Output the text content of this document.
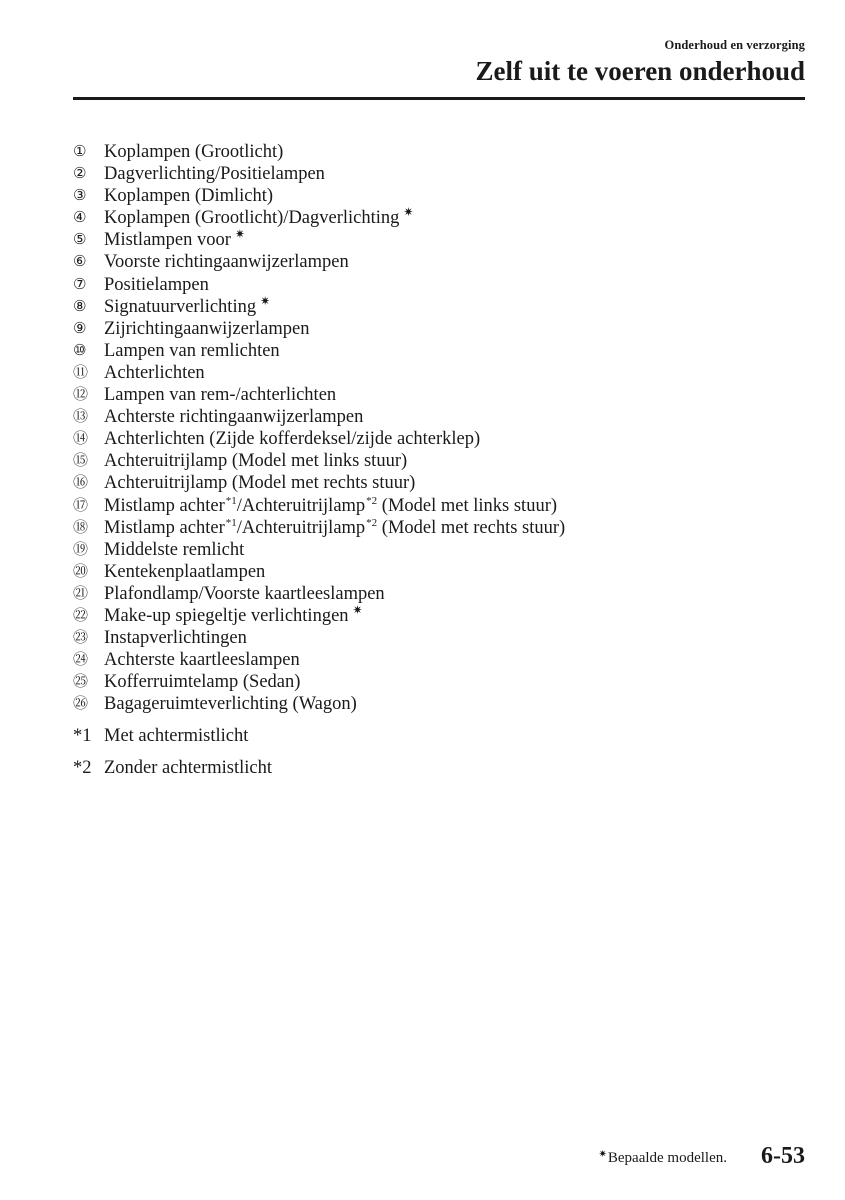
Onderhoud en verzorging
Zelf uit te voeren onderhoud
① Koplampen (Grootlicht)
② Dagverlichting/Positielampen
③ Koplampen (Dimlicht)
④ Koplampen (Grootlicht)/Dagverlichting ✷
⑤ Mistlampen voor ✷
⑥ Voorste richtingaanwijzerlampen
⑦ Positielampen
⑧ Signatuurverlichting ✷
⑨ Zijrichtingaanwijzerlampen
⑩ Lampen van remlichten
⑪ Achterlichten
⑫ Lampen van rem-/achterlichten
⑬ Achterste richtingaanwijzerlampen
⑭ Achterlichten (Zijde kofferdeksel/zijde achterklep)
⑮ Achteruitrijlamp (Model met links stuur)
⑯ Achteruitrijlamp (Model met rechts stuur)
⑰ Mistlamp achter$^{*1}$/Achteruitrijlamp$^{*2}$ (Model met links stuur)
⑱ Mistlamp achter$^{*1}$/Achteruitrijlamp$^{*2}$ (Model met rechts stuur)
⑲ Middelste remlicht
⑳ Kentekenplaatlampen
㉑ Plafondlamp/Voorste kaartleeslampen
㉒ Make-up spiegeltje verlichtingen ✷
㉓ Instapverlichtingen
㉔ Achterste kaartleeslampen
㉕ Kofferruimtelamp (Sedan)
㉖ Bagageruimteverlichting (Wagon)
*1 Met achtermistlicht
*2 Zonder achtermistlicht
✷Bepaalde modellen. 6-53
